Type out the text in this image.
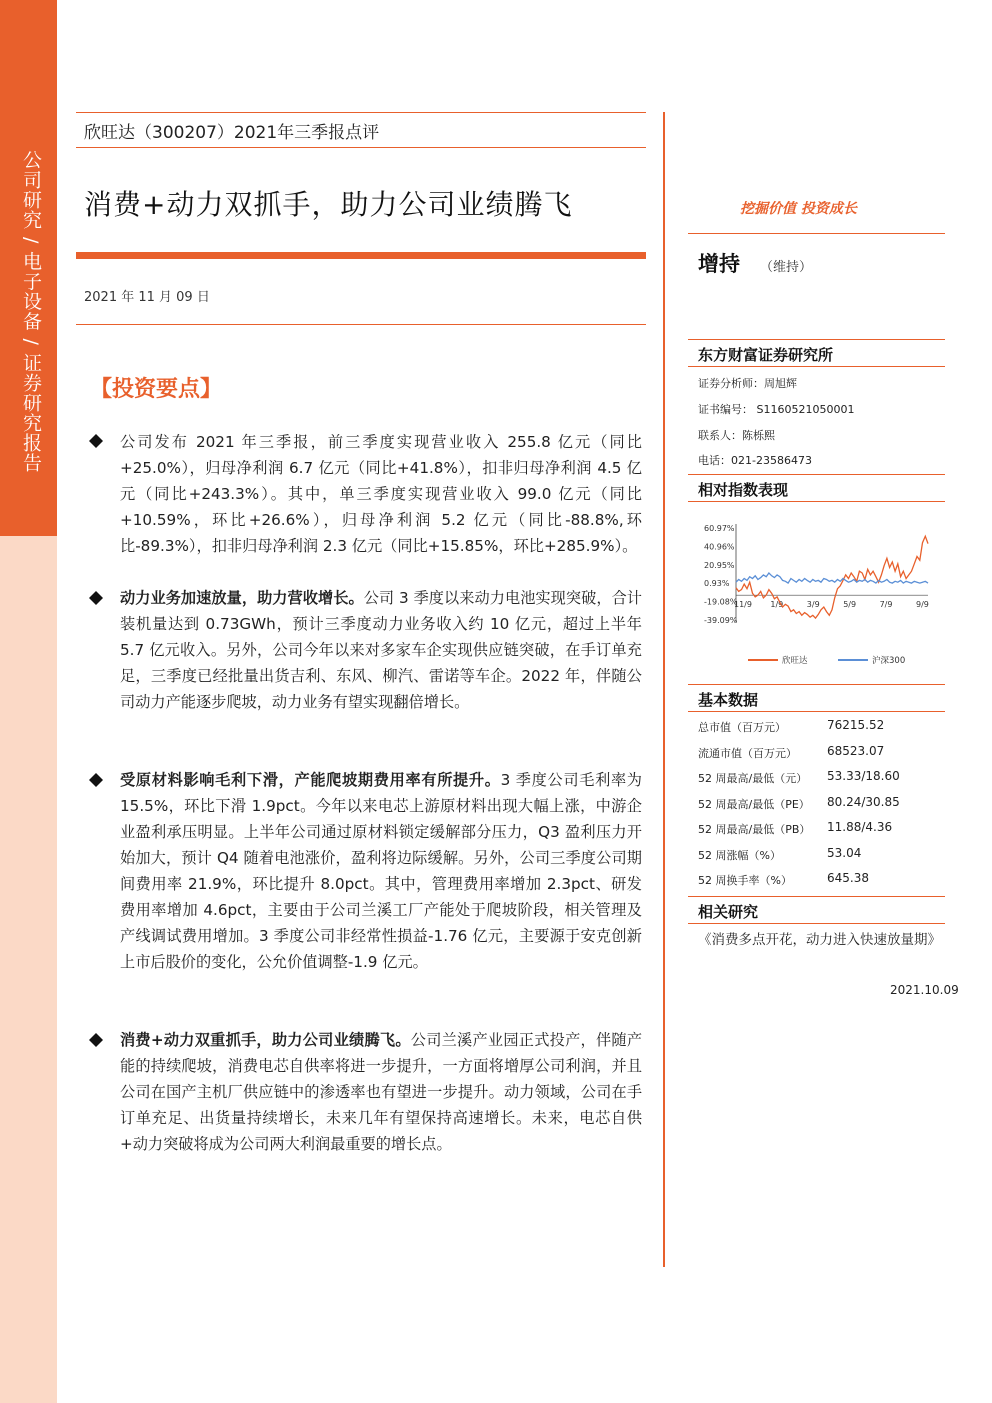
公司研究 / 电子设备 / 证券研究报告
欣旺达（300207）2021年三季报点评
消费+动力双抓手，助力公司业绩腾飞
2021 年 11 月 09 日
【投资要点】
公司发布 2021 年三季报，前三季度实现营业收入 255.8 亿元（同比+25.0%），归母净利润 6.7 亿元（同比+41.8%），扣非归母净利润 4.5 亿元（同比+243.3%）。其中，单三季度实现营业收入 99.0 亿元（同比+10.59%，环比+26.6%），归母净利润 5.2 亿元（同比-88.8%,环比-89.3%），扣非归母净利润 2.3 亿元（同比+15.85%，环比+285.9%）。
动力业务加速放量，助力营收增长。公司 3 季度以来动力电池实现突破，合计装机量达到 0.73GWh，预计三季度动力业务收入约 10 亿元，超过上半年 5.7 亿元收入。另外，公司今年以来对多家车企实现供应链突破，在手订单充足，三季度已经批量出货吉利、东风、柳汽、雷诺等车企。2022 年，伴随公司动力产能逐步爬坡，动力业务有望实现翻倍增长。
受原材料影响毛利下滑，产能爬坡期费用率有所提升。3 季度公司毛利率为 15.5%，环比下滑 1.9pct。今年以来电芯上游原材料出现大幅上涨，中游企业盈利承压明显。上半年公司通过原材料锁定缓解部分压力，Q3 盈利压力开始加大，预计 Q4 随着电池涨价，盈利将边际缓解。另外，公司三季度公司期间费用率 21.9%，环比提升 8.0pct。其中，管理费用率增加 2.3pct、研发费用率增加 4.6pct，主要由于公司兰溪工厂产能处于爬坡阶段，相关管理及产线调试费用增加。3 季度公司非经常性损益-1.76 亿元，主要源于安克创新上市后股价的变化，公允价值调整-1.9 亿元。
消费+动力双重抓手，助力公司业绩腾飞。公司兰溪产业园正式投产，伴随产能的持续爬坡，消费电芯自供率将进一步提升，一方面将增厚公司利润，并且公司在国产主机厂供应链中的渗透率也有望进一步提升。动力领域，公司在手订单充足、出货量持续增长，未来几年有望保持高速增长。未来，电芯自供+动力突破将成为公司两大利润最重要的增长点。
挖掘价值 投资成长
增持 （维持）
东方财富证券研究所
证券分析师：周旭辉
证书编号： S1160521050001
联系人：陈栎熙
电话：021-23586473
相对指数表现
60.97%
40.96%
20.95%
0.93%
-19.08%
-39.09%
11/9 1/9	3/9	5/9	7/9	9/9
欣旺达	沪深300
基本数据
总市值（百万元）	76215.52
流通市值（百万元）	68523.07
52 周最高/最低（元） 53.33/18.60
52 周最高/最低（PE） 80.24/30.85
52 周最高/最低（PB） 11.88/4.36
52 周涨幅（%）	53.04
52 周换手率（%）	645.38
相关研究
《消费多点开花，动力进入快速放量期》
2021.10.09
